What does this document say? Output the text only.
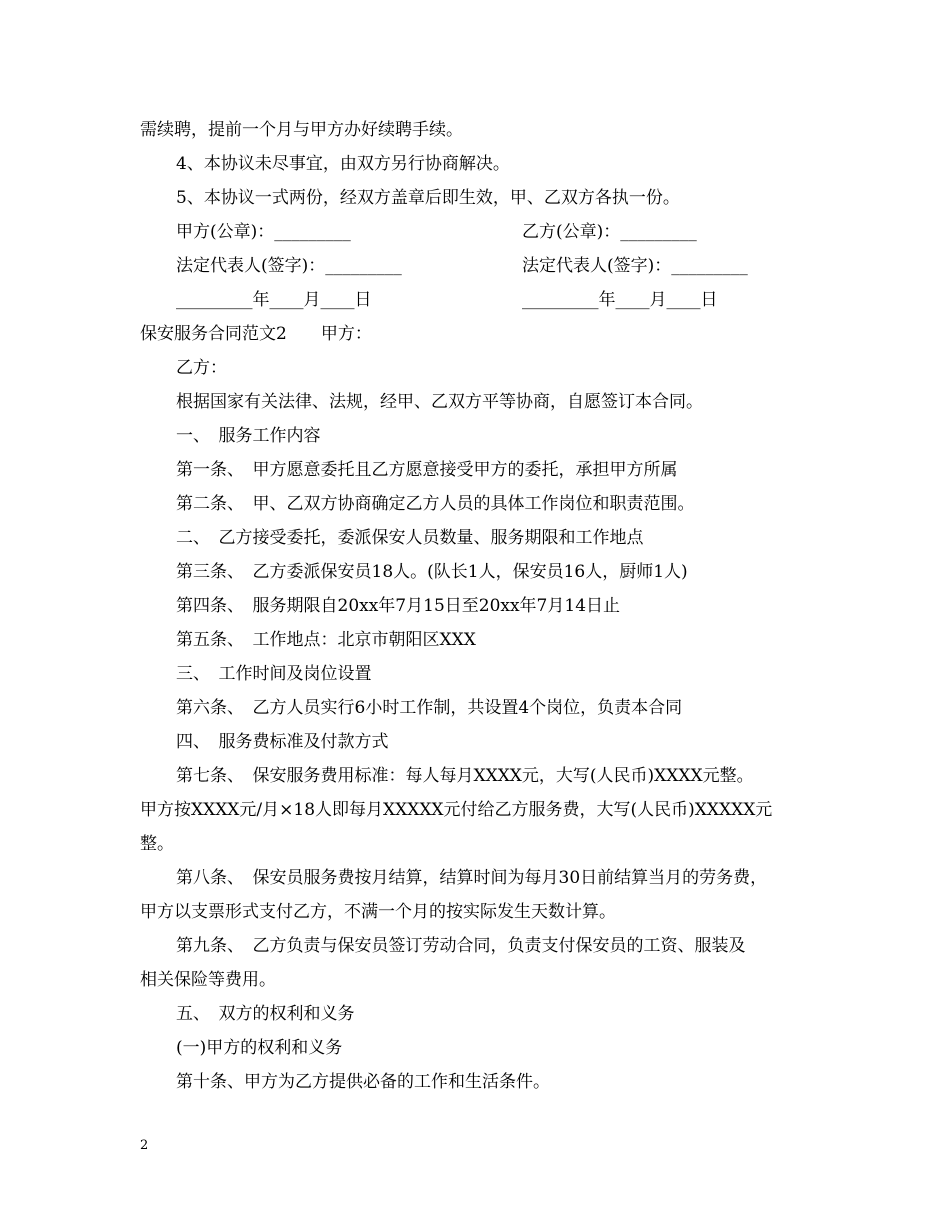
需续聘，提前一个月与甲方办好续聘手续。
4、本协议未尽事宜，由双方另行协商解决。
5、本协议一式两份，经双方盖章后即生效，甲、乙双方各执一份。
甲方(公章)：_________	乙方(公章)：_________
法定代表人(签字)：_________	法定代表人(签字)：_________
_________年____月____日	_________年____月____日
保安服务合同范文2　　甲方：
乙方：
根据国家有关法律、法规，经甲、乙双方平等协商，自愿签订本合同。
一、　服务工作内容
第一条、　甲方愿意委托且乙方愿意接受甲方的委托，承担甲方所属
第二条、　甲、乙双方协商确定乙方人员的具体工作岗位和职责范围。
二、　乙方接受委托，委派保安人员数量、服务期限和工作地点
第三条、　乙方委派保安员18人。(队长1人，保安员16人，厨师1人)
第四条、　服务期限自20xx年7月15日至20xx年7月14日止
第五条、　工作地点：北京市朝阳区XXX
三、　工作时间及岗位设置
第六条、　乙方人员实行6小时工作制，共设置4个岗位，负责本合同
四、　服务费标准及付款方式
第七条、　保安服务费用标准：每人每月XXXX元，大写(人民币)XXXX元整。
甲方按XXXX元/月×18人即每月XXXXX元付给乙方服务费，大写(人民币)XXXXX元
整。
第八条、　保安员服务费按月结算，结算时间为每月30日前结算当月的劳务费，
甲方以支票形式支付乙方，不满一个月的按实际发生天数计算。
第九条、　乙方负责与保安员签订劳动合同，负责支付保安员的工资、服装及
相关保险等费用。
五、　双方的权利和义务
(一)甲方的权利和义务
第十条、甲方为乙方提供必备的工作和生活条件。
2
